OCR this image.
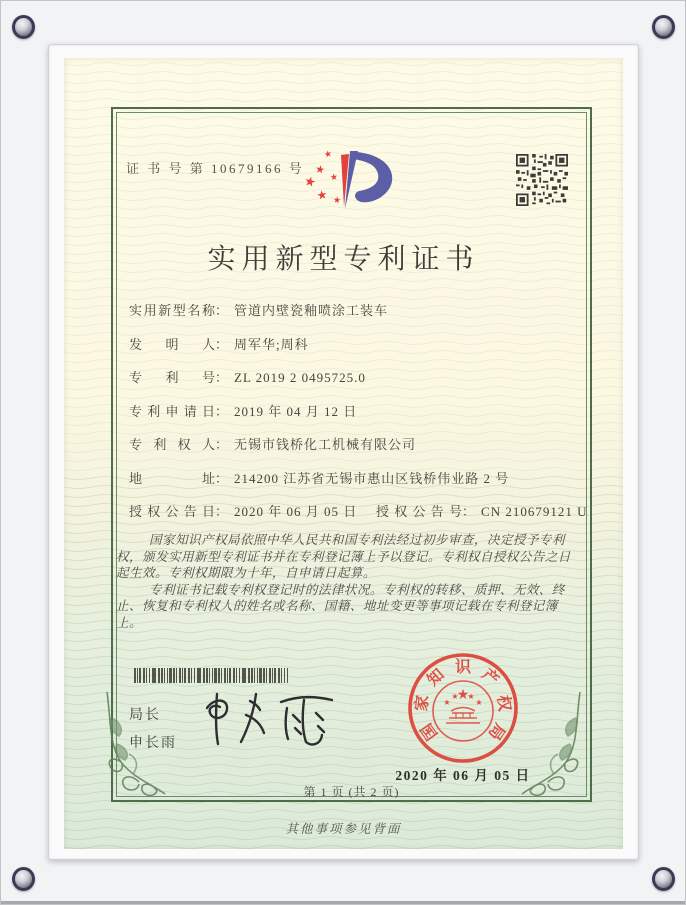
证 书 号 第 10679166 号
★
★
★
★
★ ★
实用新型专利证书
实用新型名称： 管道内壁瓷釉喷涂工装车
发明人： 周军华;周科
专利号： ZL 2019 2 0495725.0
专利申请日： 2019 年 04 月 12 日
专利权人： 无锡市钱桥化工机械有限公司
地址： 214200 江苏省无锡市惠山区钱桥伟业路 2 号
授权公告日： 2020 年 06 月 05 日 授权公告号： CN 210679121 U

国家知识产权局依照中华人民共和国专利法经过初步审查，决定授予专利权，颁发实用新型专利证书并在专利登记簿上予以登记。专利权自授权公告之日起生效。专利权期限为十年，自申请日起算。

专利证书记载专利权登记时的法律状况。专利权的转移、质押、无效、终止、恢复和专利权人的姓名或名称、国籍、地址变更等事项记载在专利登记簿上。

局长
申长雨
★
★
★ ★
★
国
家
知 识 产
权
局
2020 年 06 月 05 日
第 1 页 (共 2 页)
其他事项参见背面
